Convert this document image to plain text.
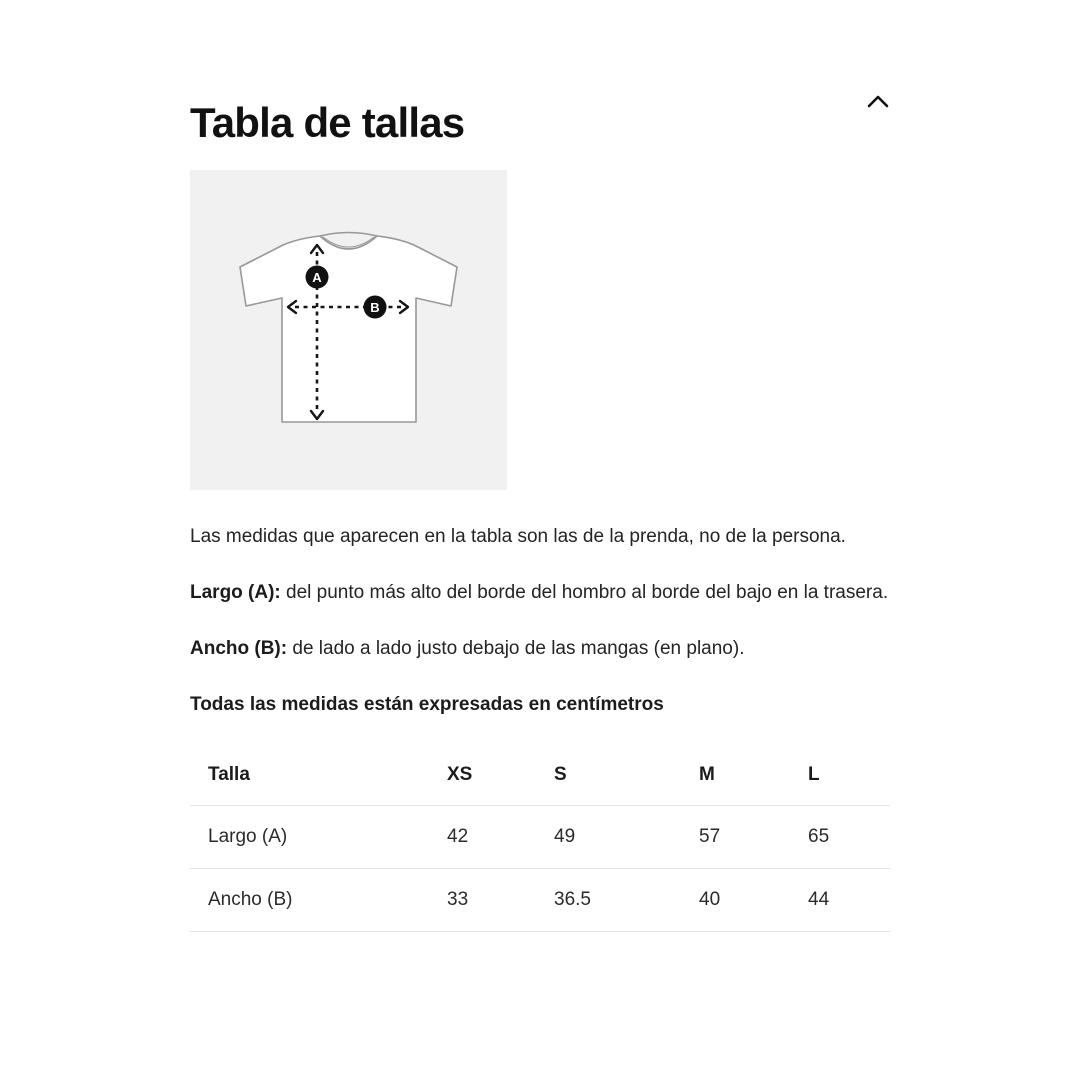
Tabla de tallas
A
B

Las medidas que aparecen en la tabla son las de la prenda, no de la persona.

Largo (A): del punto más alto del borde del hombro al borde del bajo en la trasera.

Ancho (B): de lado a lado justo debajo de las mangas (en plano).

Todas las medidas están expresadas en centímetros

Talla	XS	S	M	L
Largo (A)	42	49	57	65
Ancho (B)	33	36.5	40	44
